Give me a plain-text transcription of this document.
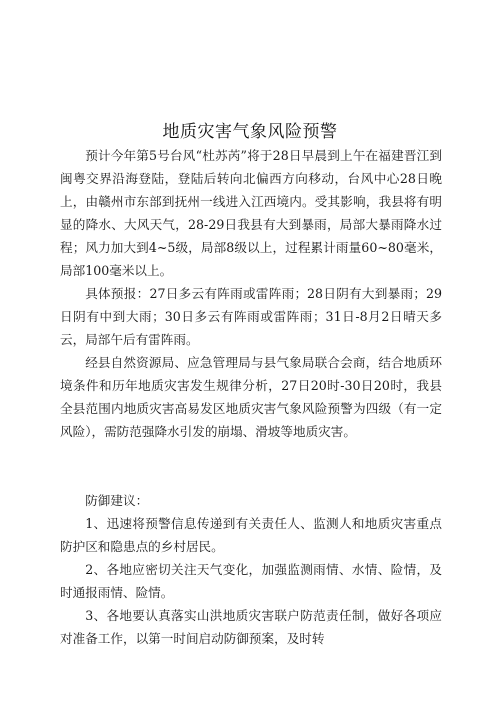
地质灾害气象风险预警

预计今年第5号台风“杜苏芮”将于28日早晨到上午在福建晋江到闽粤交界沿海登陆，登陆后转向北偏西方向移动，台风中心28日晚上，由赣州市东部到抚州一线进入江西境内。受其影响，我县将有明显的降水、大风天气，28-29日我县有大到暴雨，局部大暴雨降水过程；风力加大到4~5级，局部8级以上，过程累计雨量60~80毫米，局部100毫米以上。

具体预报：27日多云有阵雨或雷阵雨；28日阴有大到暴雨；29日阴有中到大雨；30日多云有阵雨或雷阵雨；31日-8月2日晴天多云，局部午后有雷阵雨。

经县自然资源局、应急管理局与县气象局联合会商，结合地质环境条件和历年地质灾害发生规律分析，27日20时-30日20时，我县全县范围内地质灾害高易发区地质灾害气象风险预警为四级（有一定风险），需防范强降水引发的崩塌、滑坡等地质灾害。

防御建议：

1、迅速将预警信息传递到有关责任人、监测人和地质灾害重点防护区和隐患点的乡村居民。

2、各地应密切关注天气变化，加强监测雨情、水情、险情，及时通报雨情、险情。

3、各地要认真落实山洪地质灾害联户防范责任制，做好各项应对准备工作，以第一时间启动防御预案，及时转
